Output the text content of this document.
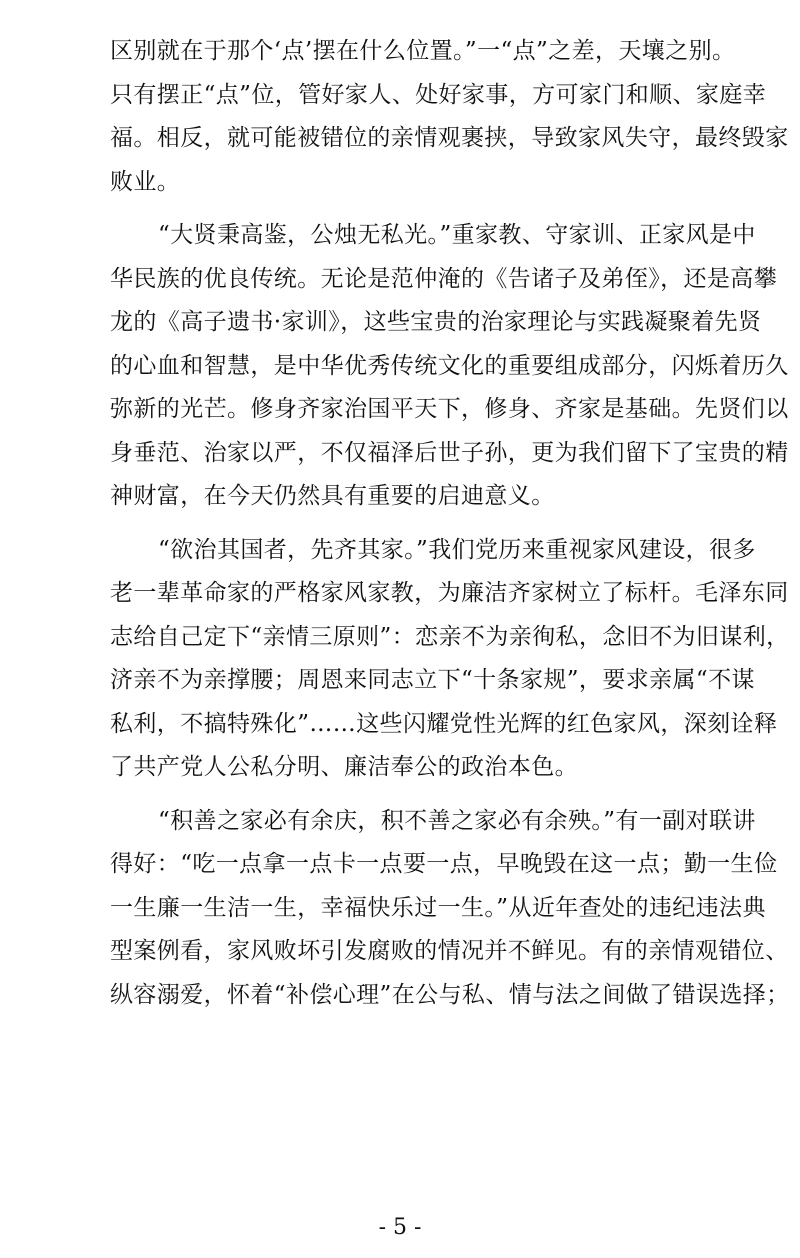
区别就在于那个‘点’摆在什么位置。”一“点”之差，天壤之别。
只有摆正“点”位，管好家人、处好家事，方可家门和顺、家庭幸
福。相反，就可能被错位的亲情观裹挟，导致家风失守，最终毁家
败业。
“大贤秉高鉴，公烛无私光。”重家教、守家训、正家风是中
华民族的优良传统。无论是范仲淹的《告诸子及弟侄》，还是高攀
龙的《高子遗书·家训》，这些宝贵的治家理论与实践凝聚着先贤
的心血和智慧，是中华优秀传统文化的重要组成部分，闪烁着历久
弥新的光芒。修身齐家治国平天下，修身、齐家是基础。先贤们以
身垂范、治家以严，不仅福泽后世子孙，更为我们留下了宝贵的精
神财富，在今天仍然具有重要的启迪意义。
“欲治其国者，先齐其家。”我们党历来重视家风建设，很多
老一辈革命家的严格家风家教，为廉洁齐家树立了标杆。毛泽东同
志给自己定下“亲情三原则”：恋亲不为亲徇私，念旧不为旧谋利，
济亲不为亲撑腰；周恩来同志立下“十条家规”，要求亲属“不谋
私利，不搞特殊化”……这些闪耀党性光辉的红色家风，深刻诠释
了共产党人公私分明、廉洁奉公的政治本色。
“积善之家必有余庆，积不善之家必有余殃。”有一副对联讲
得好：“吃一点拿一点卡一点要一点，早晚毁在这一点；勤一生俭
一生廉一生洁一生，幸福快乐过一生。”从近年查处的违纪违法典
型案例看，家风败坏引发腐败的情况并不鲜见。有的亲情观错位、
纵容溺爱，怀着“补偿心理”在公与私、情与法之间做了错误选择；
- 5 -
